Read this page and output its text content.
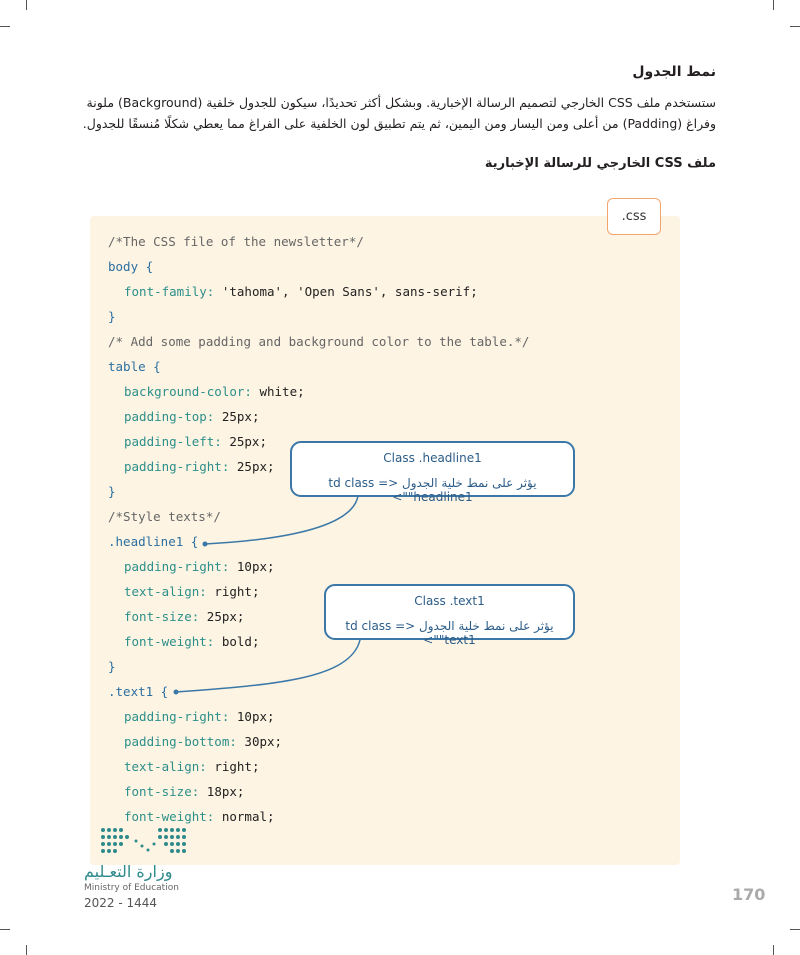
نمط الجدول

ستستخدم ملف CSS الخارجي لتصميم الرسالة الإخبارية. وبشكل أكثر تحديدًا، سيكون للجدول خلفية (Background) ملونة وفراغ (Padding) من أعلى ومن اليسار ومن اليمين، ثم يتم تطبيق لون الخلفية على الفراغ مما يعطي شكلًا مُنسقًا للجدول.

ملف CSS الخارجي للرسالة الإخبارية

.css
/*The CSS file of the newsletter*/
body {
font-family: 'tahoma', 'Open Sans', sans-serif;
}
/* Add some padding and background color to the table.*/
table {
background-color: white;
padding-top: 25px;
padding-left: 25px;
padding-right: 25px;
}
/*Style texts*/
.headline1 {
padding-right: 10px;
text-align: right;
font-size: 25px;
font-weight: bold;
}
.text1 {
padding-right: 10px;
padding-bottom: 30px;
text-align: right;
font-size: 18px;
font-weight: normal;
Class .headline1
يؤثر على نمط خلية الجدول <td class = "headline1">
Class .text1
يؤثر على نمط خلية الجدول <td class = "text1">

وزارة التعـليم

Ministry of Education

2022 - 1444	170
